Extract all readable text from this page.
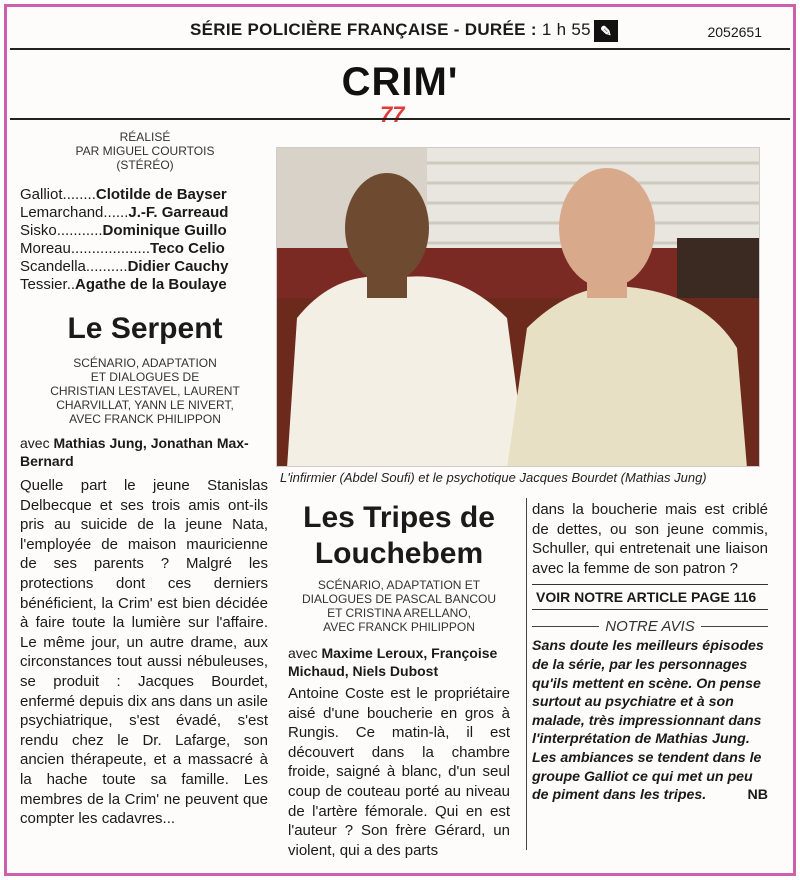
SÉRIE POLICIÈRE FRANÇAISE - DURÉE : 1 h 55 ✎	2052651
CRIM'
77
RÉALISÉ
PAR MIGUEL COURTOIS
(STÉRÉO)
Galliot........Clotilde de Bayser
Lemarchand......J.-F. Garreaud
Sisko...........Dominique Guillo
Moreau...................Teco Celio
Scandella..........Didier Cauchy
Tessier..Agathe de la Boulaye
Le Serpent
SCÉNARIO, ADAPTATION
ET DIALOGUES DE
CHRISTIAN LESTAVEL, LAURENT
CHARVILLAT, YANN LE NIVERT,
AVEC FRANCK PHILIPPON
avec Mathias Jung, Jonathan Max-Bernard
Quelle part le jeune Stanislas Delbecque et ses trois amis ont-ils pris au suicide de la jeune Nata, l'employée de maison mauricienne de ses parents ? Malgré les protections dont ces derniers bénéficient, la Crim' est bien décidée à faire toute la lumière sur l'affaire. Le même jour, un autre drame, aux circonstances tout aussi nébuleuses, se produit : Jacques Bourdet, enfermé depuis dix ans dans un asile psychiatrique, s'est évadé, s'est rendu chez le Dr. Lafarge, son ancien thérapeute, et a massacré à la hache toute sa famille. Les membres de la Crim' ne peuvent que compter les cadavres...
L'infirmier (Abdel Soufi) et le psychotique Jacques Bourdet (Mathias Jung)
Les Tripes de Louchebem
SCÉNARIO, ADAPTATION ET
DIALOGUES DE PASCAL BANCOU
ET CRISTINA ARELLANO,
AVEC FRANCK PHILIPPON
avec Maxime Leroux, Françoise Michaud, Niels Dubost
Antoine Coste est le propriétaire aisé d'une boucherie en gros à Rungis. Ce matin-là, il est découvert dans la chambre froide, saigné à blanc, d'un seul coup de couteau porté au niveau de l'artère fémorale. Qui en est l'auteur ? Son frère Gérard, un violent, qui a des parts
dans la boucherie mais est criblé de dettes, ou son jeune commis, Schuller, qui entretenait une liaison avec la femme de son patron ?
VOIR NOTRE ARTICLE PAGE 116
NOTRE AVIS
Sans doute les meilleurs épisodes de la série, par les personnages qu'ils mettent en scène. On pense surtout au psychiatre et à son malade, très impressionnant dans l'interprétation de Mathias Jung. Les ambiances se tendent dans le groupe Galliot ce qui met un peu de piment dans les tripes.	NB
